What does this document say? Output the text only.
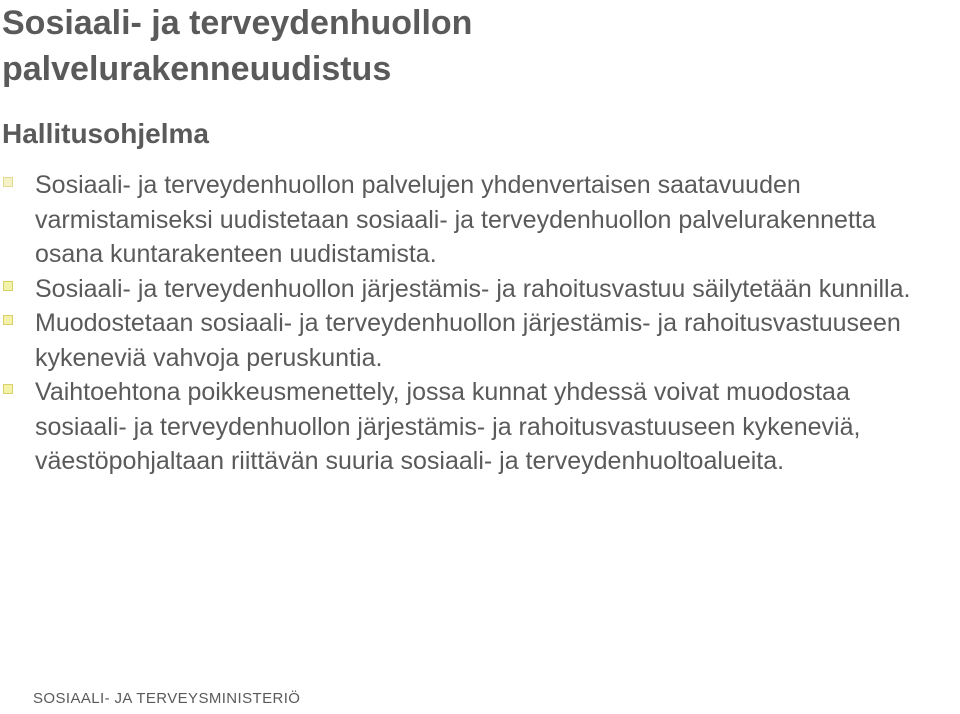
Sosiaali- ja terveydenhuollon
palvelurakenneuudistus
Hallitusohjelma
Sosiaali- ja terveydenhuollon palvelujen yhdenvertaisen saatavuuden varmistamiseksi uudistetaan sosiaali- ja terveydenhuollon palvelurakennetta osana kuntarakenteen uudistamista.
Sosiaali- ja terveydenhuollon järjestämis- ja rahoitusvastuu säilytetään kunnilla.
Muodostetaan sosiaali- ja terveydenhuollon järjestämis- ja rahoitusvastuuseen kykeneviä vahvoja peruskuntia.
Vaihtoehtona poikkeusmenettely, jossa kunnat yhdessä voivat muodostaa sosiaali- ja terveydenhuollon järjestämis- ja rahoitusvastuuseen kykeneviä, väestöpohjaltaan riittävän suuria sosiaali- ja terveydenhuoltoalueita.
SOSIAALI- JA TERVEYSMINISTERIÖ
